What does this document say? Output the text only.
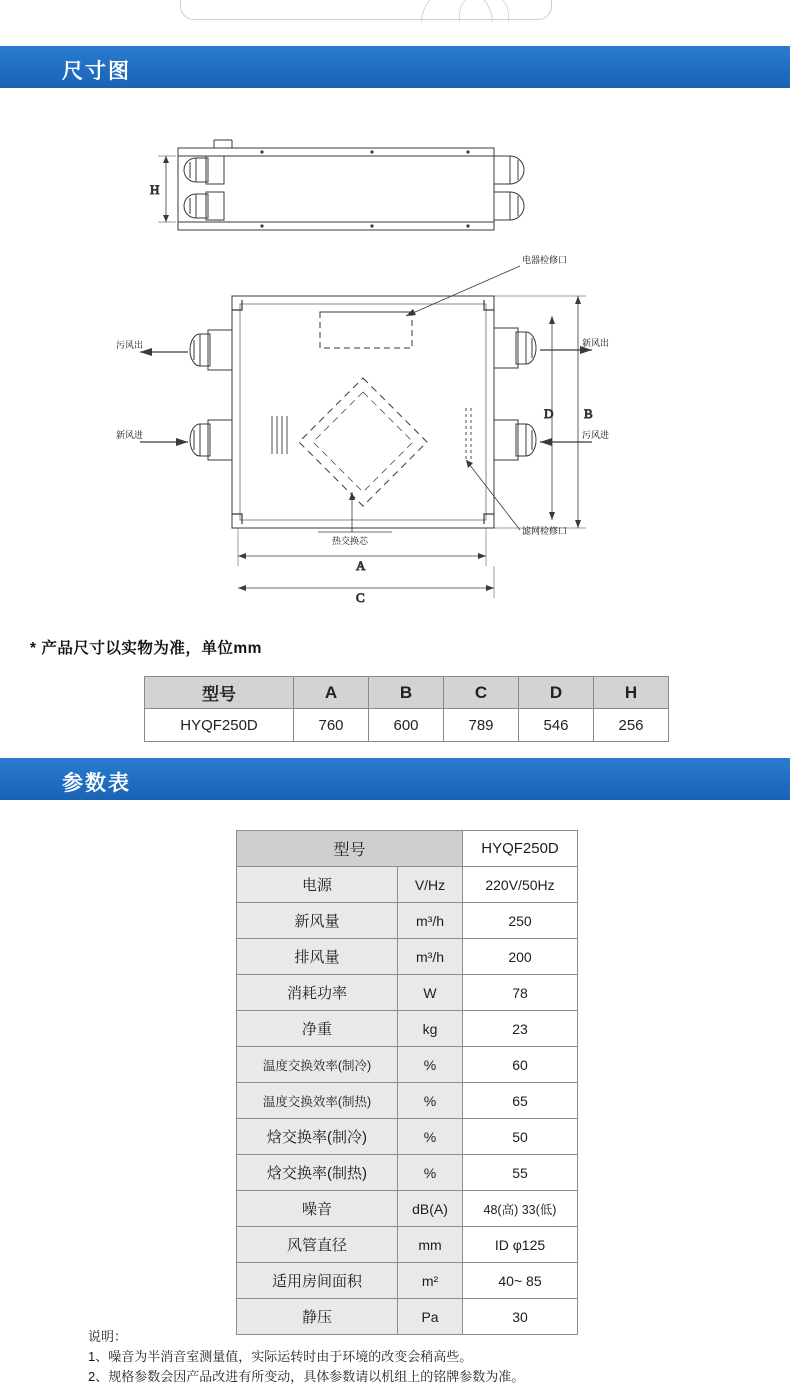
尺寸图
H
B
D
A
C
电器检修口
污风出
新风进
新风出
污风进
热交换芯
滤网检修口
* 产品尺寸以实物为准，单位mm
型号	A	B	C	D	H
HYQF250D	760	600	789	546	256
参数表
型号		HYQF250D
电源	V/Hz	220V/50Hz
新风量	m³/h	250
排风量	m³/h	200
消耗功率	W	78
净重	kg	23
温度交换效率(制冷)	%	60
温度交换效率(制热)	%	65
焓交换率(制冷)	%	50
焓交换率(制热)	%	55
噪音	dB(A)	48(高) 33(低)
风管直径	mm	ID φ125
适用房间面积	m²	40~ 85
静压	Pa	30
说明：
1、噪音为半消音室测量值，实际运转时由于环境的改变会稍高些。
2、规格参数会因产品改进有所变动，具体参数请以机组上的铭牌参数为准。
